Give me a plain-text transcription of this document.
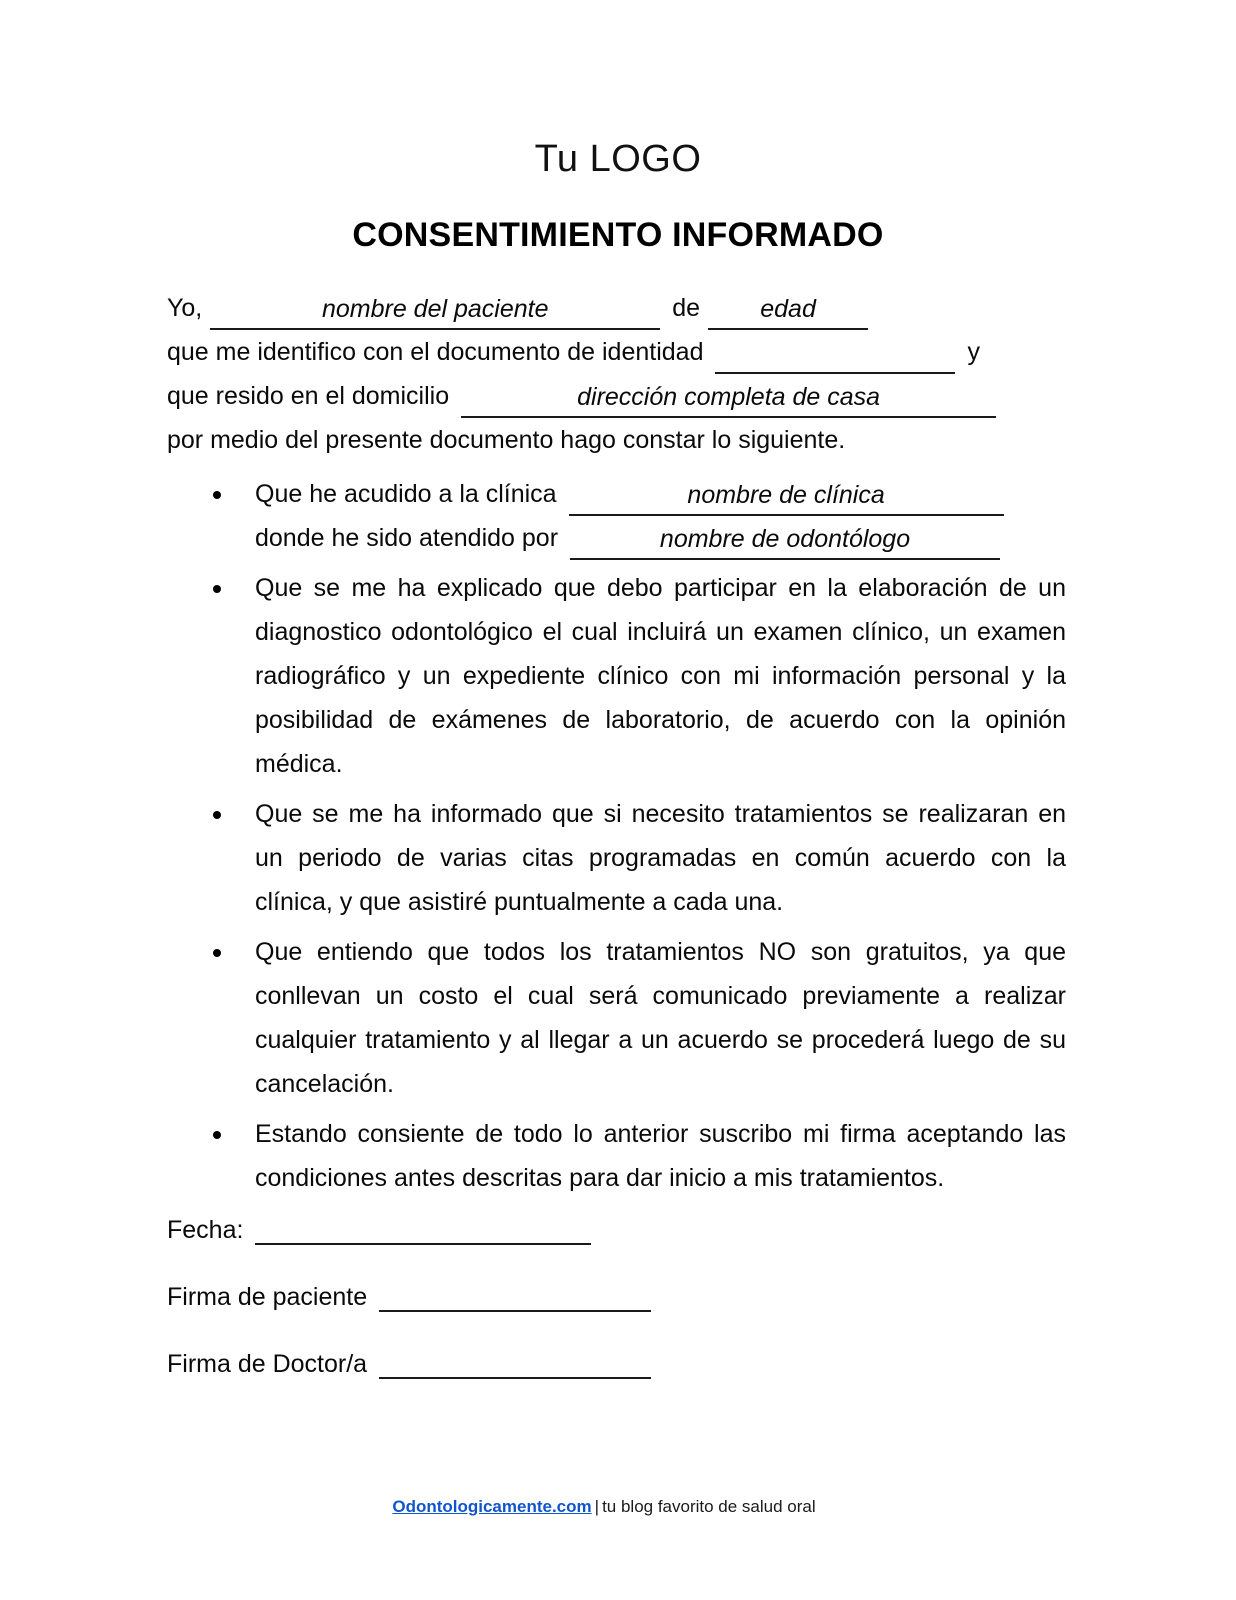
Tu LOGO
CONSENTIMIENTO INFORMADO
Yo,	nombre del paciente	de	edad
que me identifico con el documento de identidad	y
que resido en el domicilio	dirección completa de casa
por medio del presente documento hago constar lo siguiente.
Que he acudido a la clínica	nombre de clínica
donde he sido atendido por	nombre de odontólogo
Que se me ha explicado que debo participar en la elaboración de un diagnostico odontológico el cual incluirá un examen clínico, un examen radiográfico y un expediente clínico con mi información personal y la posibilidad de exámenes de laboratorio, de acuerdo con la opinión médica.
Que se me ha informado que si necesito tratamientos se realizaran en un periodo de varias citas programadas en común acuerdo con la clínica, y que asistiré puntualmente a cada una.
Que entiendo que todos los tratamientos NO son gratuitos, ya que conllevan un costo el cual será comunicado previamente a realizar cualquier tratamiento y al llegar a un acuerdo se procederá luego de su cancelación.
Estando consiente de todo lo anterior suscribo mi firma aceptando las condiciones antes descritas para dar inicio a mis tratamientos.
Fecha:
Firma de paciente
Firma de Doctor/a
Odontologicamente.com | tu blog favorito de salud oral
